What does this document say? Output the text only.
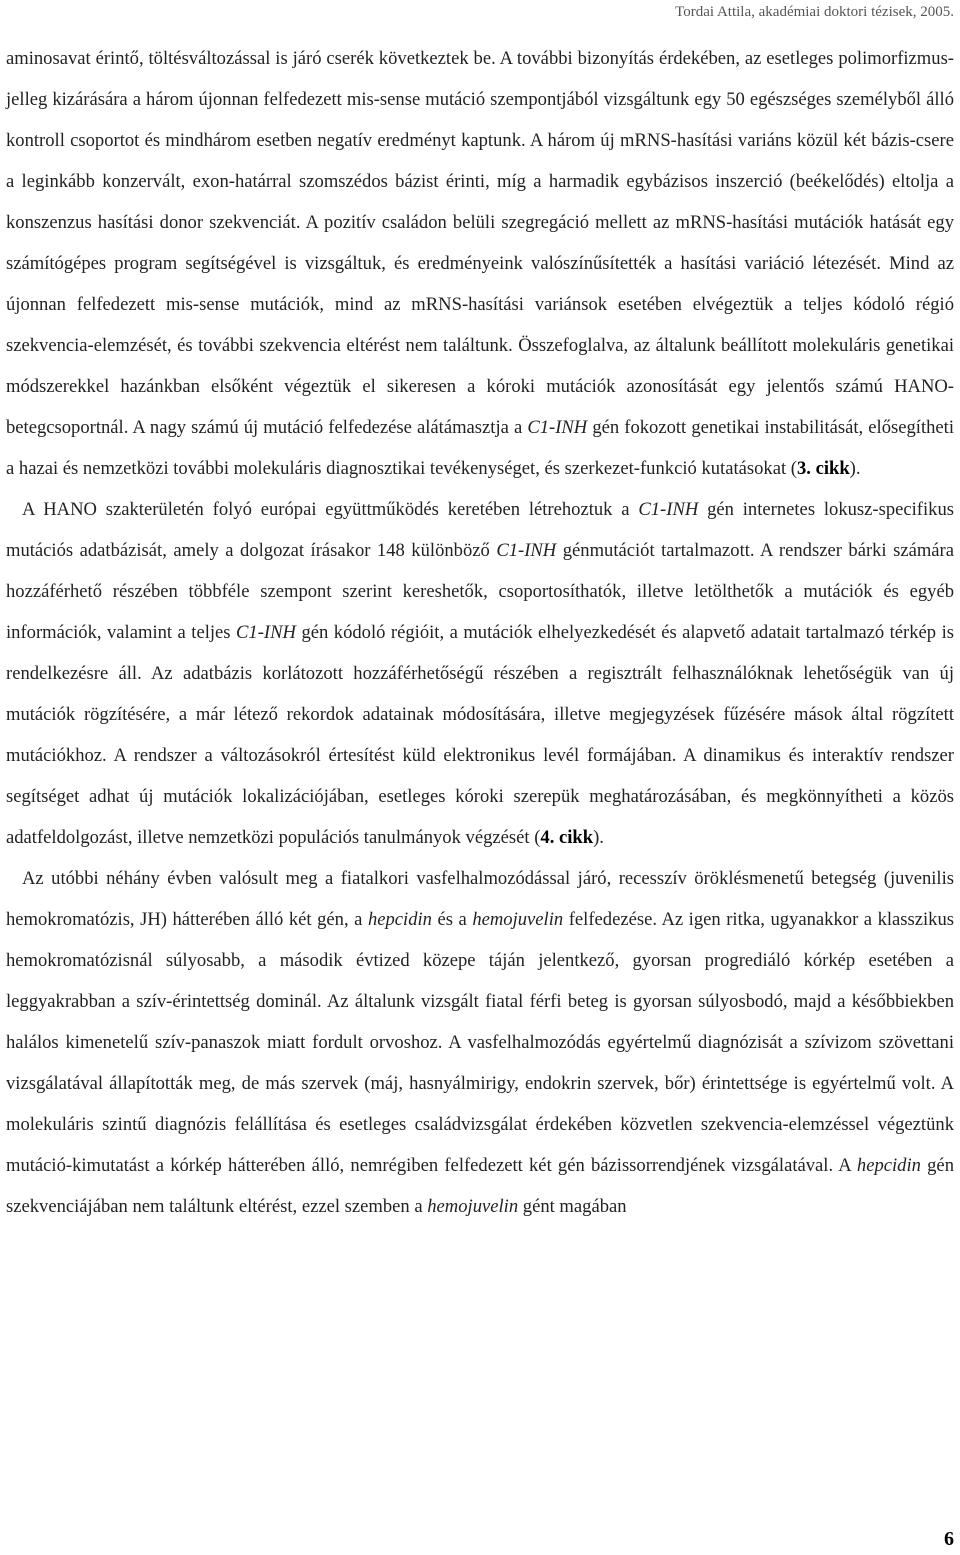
Tordai Attila, akadémiai doktori tézisek, 2005.

aminosavat érintő, töltésváltozással is járó cserék következtek be. A további bizonyítás érdekében, az esetleges polimorfizmus-jelleg kizárására a három újonnan felfedezett mis-sense mutáció szempontjából vizsgáltunk egy 50 egészséges személyből álló kontroll csoportot és mindhárom esetben negatív eredményt kaptunk. A három új mRNS-hasítási variáns közül két bázis-csere a leginkább konzervált, exon-határral szomszédos bázist érinti, míg a harmadik egybázisos inszerció (beékelődés) eltolja a konszenzus hasítási donor szekvenciát. A pozitív családon belüli szegregáció mellett az mRNS-hasítási mutációk hatását egy számítógépes program segítségével is vizsgáltuk, és eredményeink valószínűsítették a hasítási variáció létezését. Mind az újonnan felfedezett mis-sense mutációk, mind az mRNS-hasítási variánsok esetében elvégeztük a teljes kódoló régió szekvencia-elemzését, és további szekvencia eltérést nem találtunk. Összefoglalva, az általunk beállított molekuláris genetikai módszerekkel hazánkban elsőként végeztük el sikeresen a kóroki mutációk azonosítását egy jelentős számú HANO-betegcsoportnál. A nagy számú új mutáció felfedezése alátámasztja a C1-INH gén fokozott genetikai instabilitását, elősegítheti a hazai és nemzetközi további molekuláris diagnosztikai tevékenységet, és szerkezet-funkció kutatásokat (3. cikk).

A HANO szakterületén folyó európai együttműködés keretében létrehoztuk a C1-INH gén internetes lokusz-specifikus mutációs adatbázisát, amely a dolgozat írásakor 148 különböző C1-INH génmutációt tartalmazott. A rendszer bárki számára hozzáférhető részében többféle szempont szerint kereshetők, csoportosíthatók, illetve letölthetők a mutációk és egyéb információk, valamint a teljes C1-INH gén kódoló régióit, a mutációk elhelyezkedését és alapvető adatait tartalmazó térkép is rendelkezésre áll. Az adatbázis korlátozott hozzáférhetőségű részében a regisztrált felhasználóknak lehetőségük van új mutációk rögzítésére, a már létező rekordok adatainak módosítására, illetve megjegyzések fűzésére mások által rögzített mutációkhoz. A rendszer a változásokról értesítést küld elektronikus levél formájában. A dinamikus és interaktív rendszer segítséget adhat új mutációk lokalizációjában, esetleges kóroki szerepük meghatározásában, és megkönnyítheti a közös adatfeldolgozást, illetve nemzetközi populációs tanulmányok végzését (4. cikk).

Az utóbbi néhány évben valósult meg a fiatalkori vasfelhalmozódással járó, recesszív öröklésmenetű betegség (juvenilis hemokromatózis, JH) hátterében álló két gén, a hepcidin és a hemojuvelin felfedezése. Az igen ritka, ugyanakkor a klasszikus hemokromatózisnál súlyosabb, a második évtized közepe táján jelentkező, gyorsan progrediáló kórkép esetében a leggyakrabban a szív-érintettség dominál. Az általunk vizsgált fiatal férfi beteg is gyorsan súlyosbodó, majd a későbbiekben halálos kimenetelű szív-panaszok miatt fordult orvoshoz. A vasfelhalmozódás egyértelmű diagnózisát a szívizom szövettani vizsgálatával állapították meg, de más szervek (máj, hasnyálmirigy, endokrin szervek, bőr) érintettsége is egyértelmű volt. A molekuláris szintű diagnózis felállítása és esetleges családvizsgálat érdekében közvetlen szekvencia-elemzéssel végeztünk mutáció-kimutatást a kórkép hátterében álló, nemrégiben felfedezett két gén bázissorrendjének vizsgálatával. A hepcidin gén szekvenciájában nem találtunk eltérést, ezzel szemben a hemojuvelin gént magában

6
